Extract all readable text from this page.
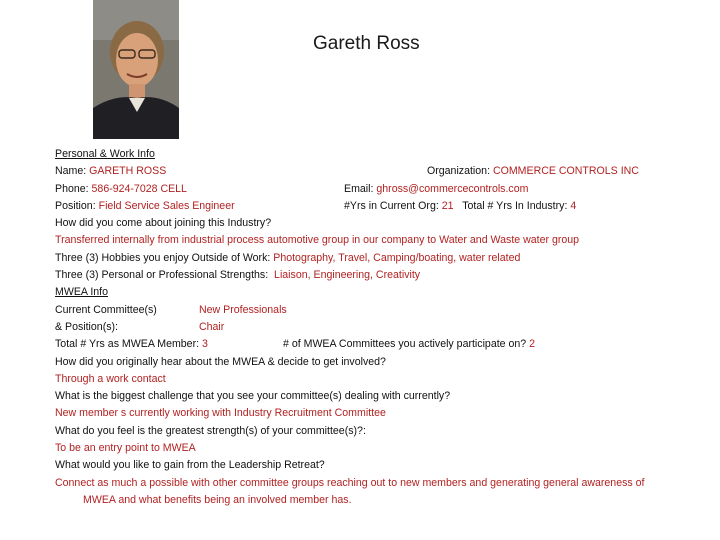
Gareth Ross
Personal & Work Info
Name: GARETH ROSS	Organization: COMMERCE CONTROLS INC
Phone: 586-924-7028 CELL	Email: ghross@commercecontrols.com
Position: Field Service Sales Engineer	#Yrs in Current Org: 21 Total # Yrs In Industry: 4
How did you come about joining this Industry?
Transferred internally from industrial process automotive group in our company to Water and Waste water group
Three (3) Hobbies you enjoy Outside of Work: Photography, Travel, Camping/boating, water related
Three (3) Personal or Professional Strengths: Liaison, Engineering, Creativity
MWEA Info
Current Committee(s)	New Professionals
& Position(s):	Chair
Total # Yrs as MWEA Member: 3	# of MWEA Committees you actively participate on? 2
How did you originally hear about the MWEA & decide to get involved?
Through a work contact
What is the biggest challenge that you see your committee(s) dealing with currently?
New member s currently working with Industry Recruitment Committee
What do you feel is the greatest strength(s) of your committee(s)?:
To be an entry point to MWEA
What would you like to gain from the Leadership Retreat?
Connect as much a possible with other committee groups reaching out to new members and generating general awareness of
MWEA and what benefits being an involved member has.
